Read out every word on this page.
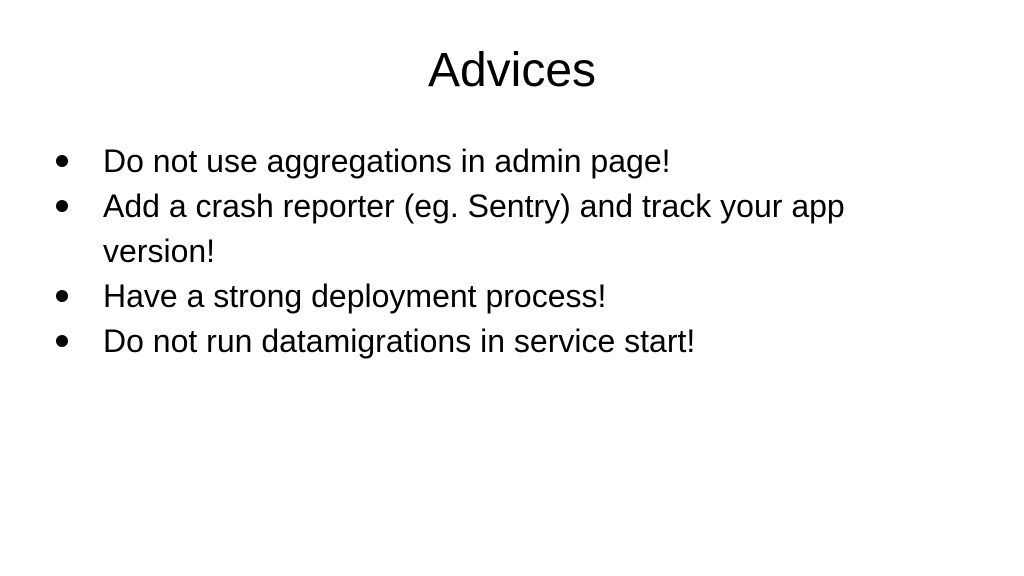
Advices
Do not use aggregations in admin page!
Add a crash reporter (eg. Sentry) and track your app version!
Have a strong deployment process!
Do not run datamigrations in service start!
